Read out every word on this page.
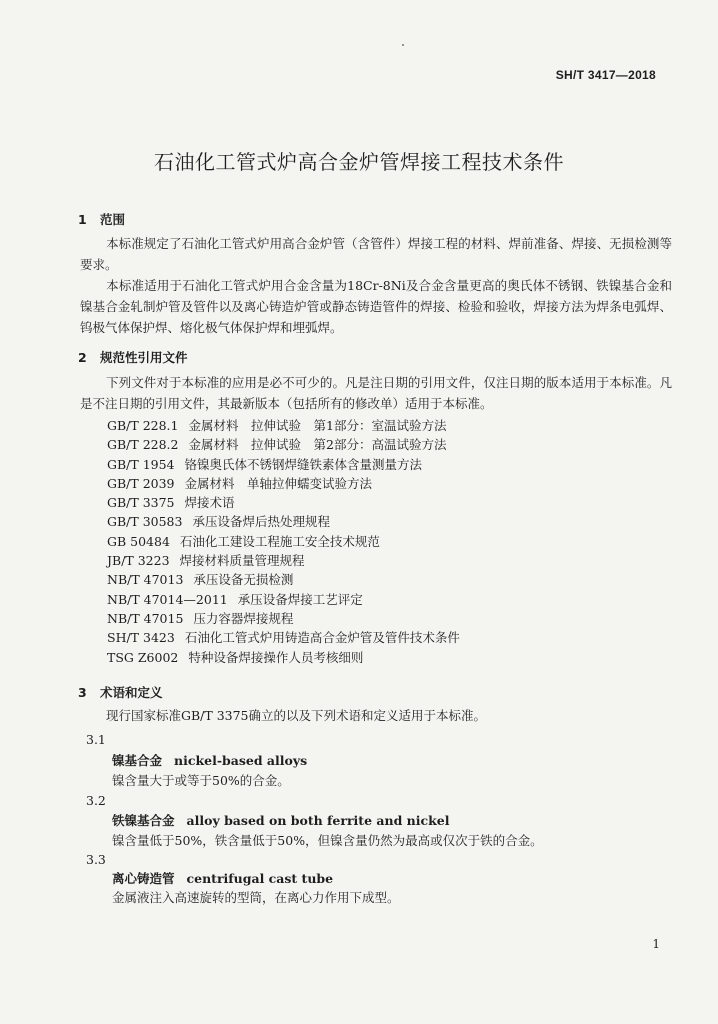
SH/T 3417—2018
石油化工管式炉高合金炉管焊接工程技术条件
1 范围
本标准规定了石油化工管式炉用高合金炉管（含管件）焊接工程的材料、焊前准备、焊接、无损检测等要求。
本标准适用于石油化工管式炉用合金含量为18Cr-8Ni及合金含量更高的奥氏体不锈钢、铁镍基合金和镍基合金轧制炉管及管件以及离心铸造炉管或静态铸造管件的焊接、检验和验收，焊接方法为焊条电弧焊、钨极气体保护焊、熔化极气体保护焊和埋弧焊。
2 规范性引用文件
下列文件对于本标准的应用是必不可少的。凡是注日期的引用文件，仅注日期的版本适用于本标准。凡是不注日期的引用文件，其最新版本（包括所有的修改单）适用于本标准。
GB/T 228.1 金属材料　拉伸试验　第1部分：室温试验方法
GB/T 228.2 金属材料　拉伸试验　第2部分：高温试验方法
GB/T 1954 铬镍奥氏体不锈钢焊缝铁素体含量测量方法
GB/T 2039 金属材料　单轴拉伸蠕变试验方法
GB/T 3375 焊接术语
GB/T 30583 承压设备焊后热处理规程
GB 50484 石油化工建设工程施工安全技术规范
JB/T 3223 焊接材料质量管理规程
NB/T 47013 承压设备无损检测
NB/T 47014—2011 承压设备焊接工艺评定
NB/T 47015 压力容器焊接规程
SH/T 3423 石油化工管式炉用铸造高合金炉管及管件技术条件
TSG Z6002 特种设备焊接操作人员考核细则
3 术语和定义
现行国家标准GB/T 3375确立的以及下列术语和定义适用于本标准。
3.1
镍基合金 nickel-based alloys
镍含量大于或等于50%的合金。
3.2
铁镍基合金 alloy based on both ferrite and nickel
镍含量低于50%，铁含量低于50%，但镍含量仍然为最高或仅次于铁的合金。
3.3
离心铸造管 centrifugal cast tube
金属液注入高速旋转的型筒，在离心力作用下成型。
1
